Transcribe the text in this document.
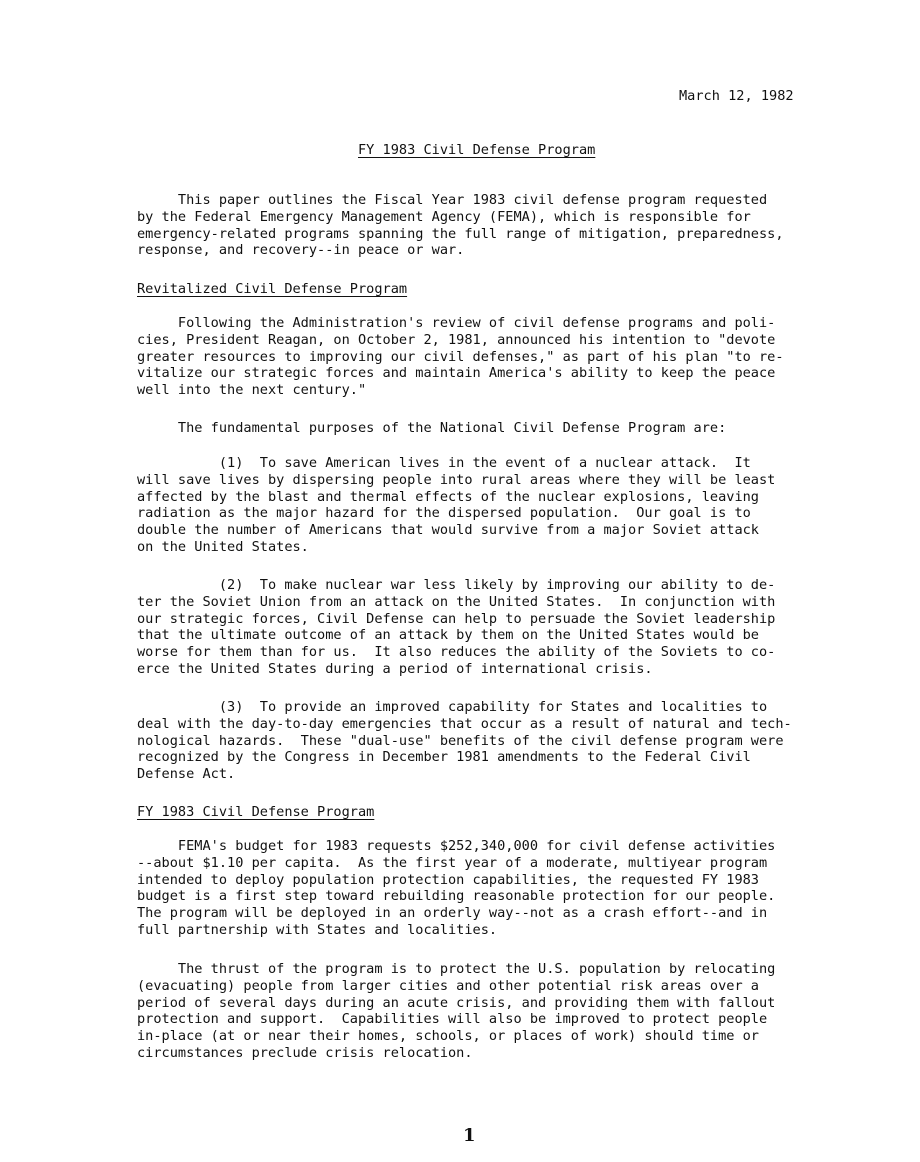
March 12, 1982
FY 1983 Civil Defense Program
This paper outlines the Fiscal Year 1983 civil defense program requested
by the Federal Emergency Management Agency (FEMA), which is responsible for
emergency-related programs spanning the full range of mitigation, preparedness,
response, and recovery--in peace or war.
Revitalized Civil Defense Program
Following the Administration's review of civil defense programs and poli-
cies, President Reagan, on October 2, 1981, announced his intention to "devote
greater resources to improving our civil defenses," as part of his plan "to re-
vitalize our strategic forces and maintain America's ability to keep the peace
well into the next century."
The fundamental purposes of the National Civil Defense Program are:
(1)  To save American lives in the event of a nuclear attack.  It
will save lives by dispersing people into rural areas where they will be least
affected by the blast and thermal effects of the nuclear explosions, leaving
radiation as the major hazard for the dispersed population.  Our goal is to
double the number of Americans that would survive from a major Soviet attack
on the United States.
(2)  To make nuclear war less likely by improving our ability to de-
ter the Soviet Union from an attack on the United States.  In conjunction with
our strategic forces, Civil Defense can help to persuade the Soviet leadership
that the ultimate outcome of an attack by them on the United States would be
worse for them than for us.  It also reduces the ability of the Soviets to co-
erce the United States during a period of international crisis.
(3)  To provide an improved capability for States and localities to
deal with the day-to-day emergencies that occur as a result of natural and tech-
nological hazards.  These "dual-use" benefits of the civil defense program were
recognized by the Congress in December 1981 amendments to the Federal Civil
Defense Act.
FY 1983 Civil Defense Program
FEMA's budget for 1983 requests $252,340,000 for civil defense activities
--about $1.10 per capita.  As the first year of a moderate, multiyear program
intended to deploy population protection capabilities, the requested FY 1983
budget is a first step toward rebuilding reasonable protection for our people.
The program will be deployed in an orderly way--not as a crash effort--and in
full partnership with States and localities.
The thrust of the program is to protect the U.S. population by relocating
(evacuating) people from larger cities and other potential risk areas over a
period of several days during an acute crisis, and providing them with fallout
protection and support.  Capabilities will also be improved to protect people
in-place (at or near their homes, schools, or places of work) should time or
circumstances preclude crisis relocation.
1
